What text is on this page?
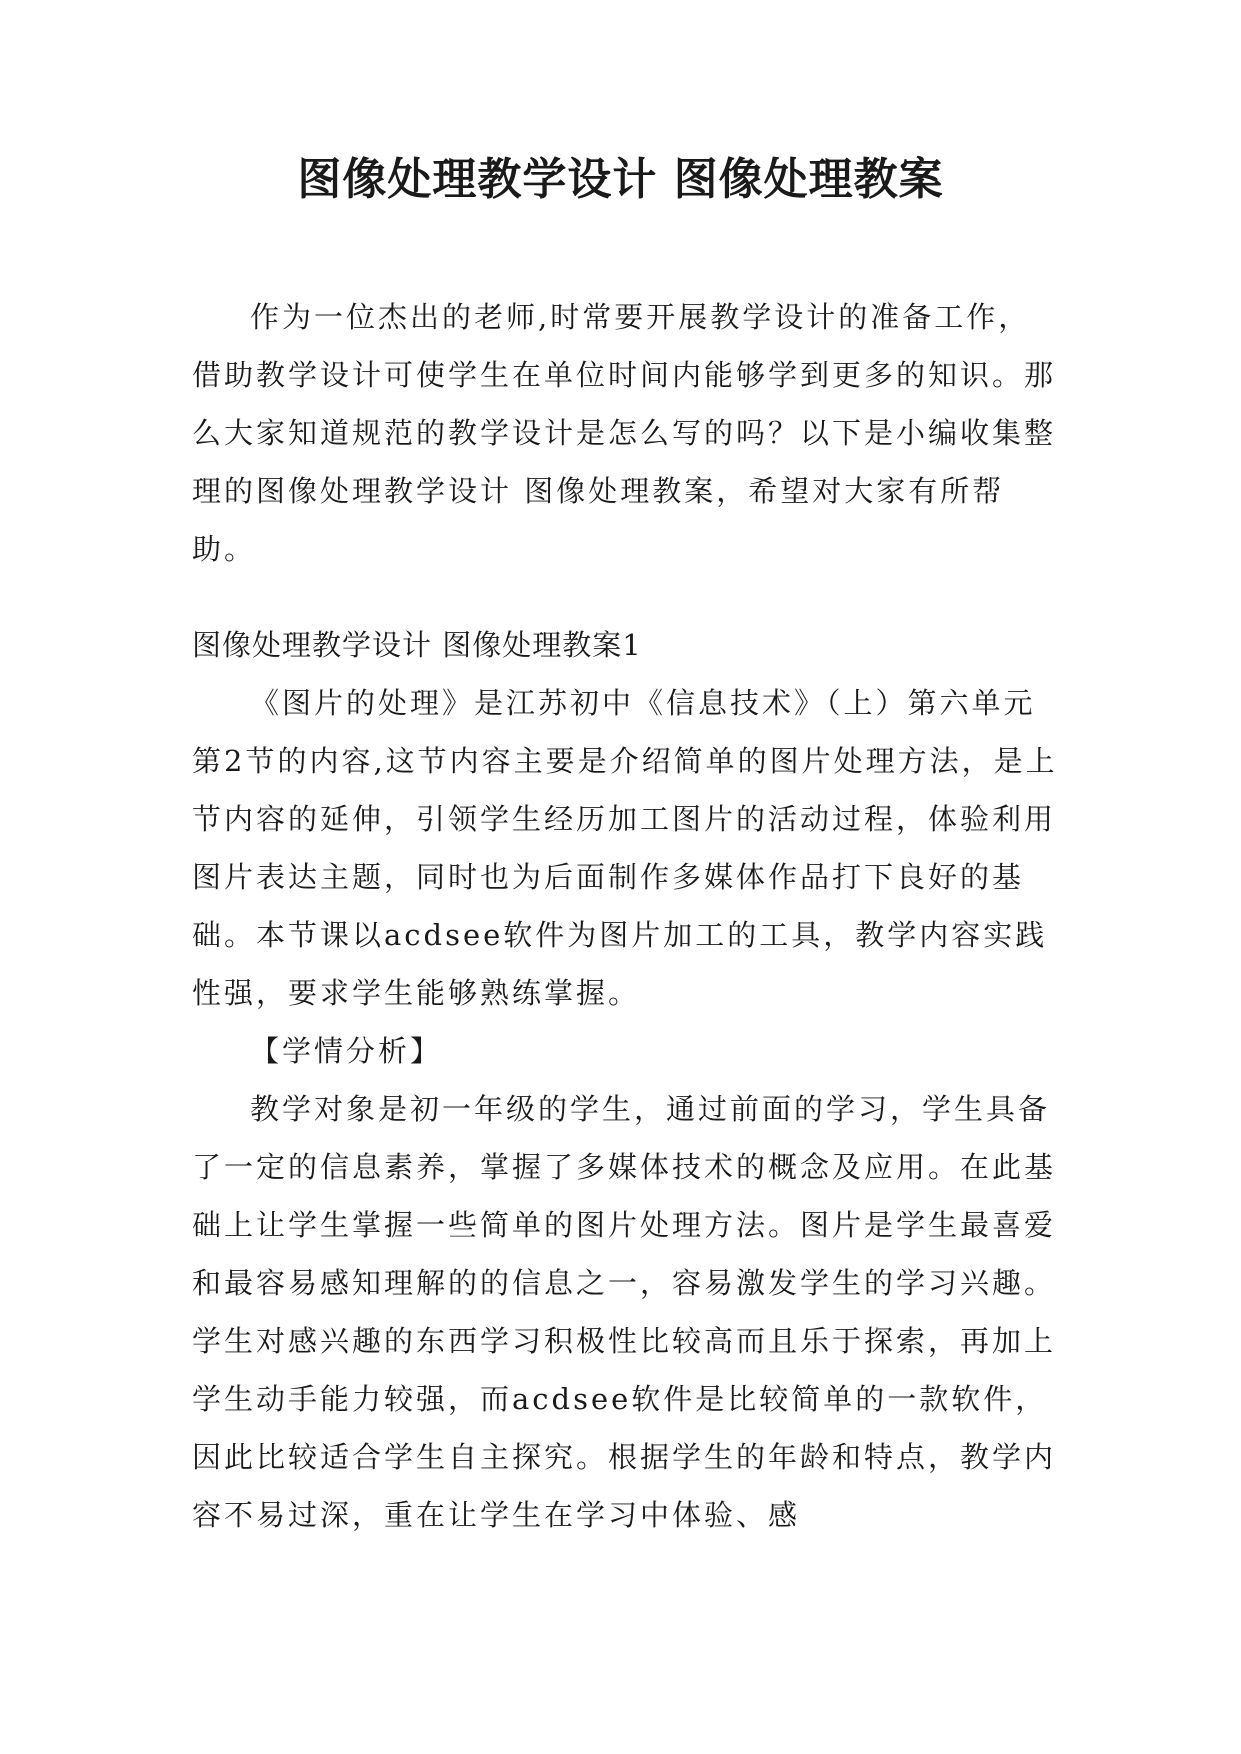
图像处理教学设计 图像处理教案

作为一位杰出的老师,时常要开展教学设计的准备工作，借助教学设计可使学生在单位时间内能够学到更多的知识。那么大家知道规范的教学设计是怎么写的吗？以下是小编收集整理的图像处理教学设计 图像处理教案，希望对大家有所帮助。

图像处理教学设计 图像处理教案1

《图片的处理》是江苏初中《信息技术》（上）第六单元第2节的内容,这节内容主要是介绍简单的图片处理方法，是上节内容的延伸，引领学生经历加工图片的活动过程，体验利用图片表达主题，同时也为后面制作多媒体作品打下良好的基础。本节课以acdsee软件为图片加工的工具，教学内容实践性强，要求学生能够熟练掌握。

【学情分析】

教学对象是初一年级的学生，通过前面的学习，学生具备了一定的信息素养，掌握了多媒体技术的概念及应用。在此基础上让学生掌握一些简单的图片处理方法。图片是学生最喜爱和最容易感知理解的的信息之一，容易激发学生的学习兴趣。学生对感兴趣的东西学习积极性比较高而且乐于探索，再加上学生动手能力较强，而acdsee软件是比较简单的一款软件，因此比较适合学生自主探究。根据学生的年龄和特点，教学内容不易过深，重在让学生在学习中体验、感
